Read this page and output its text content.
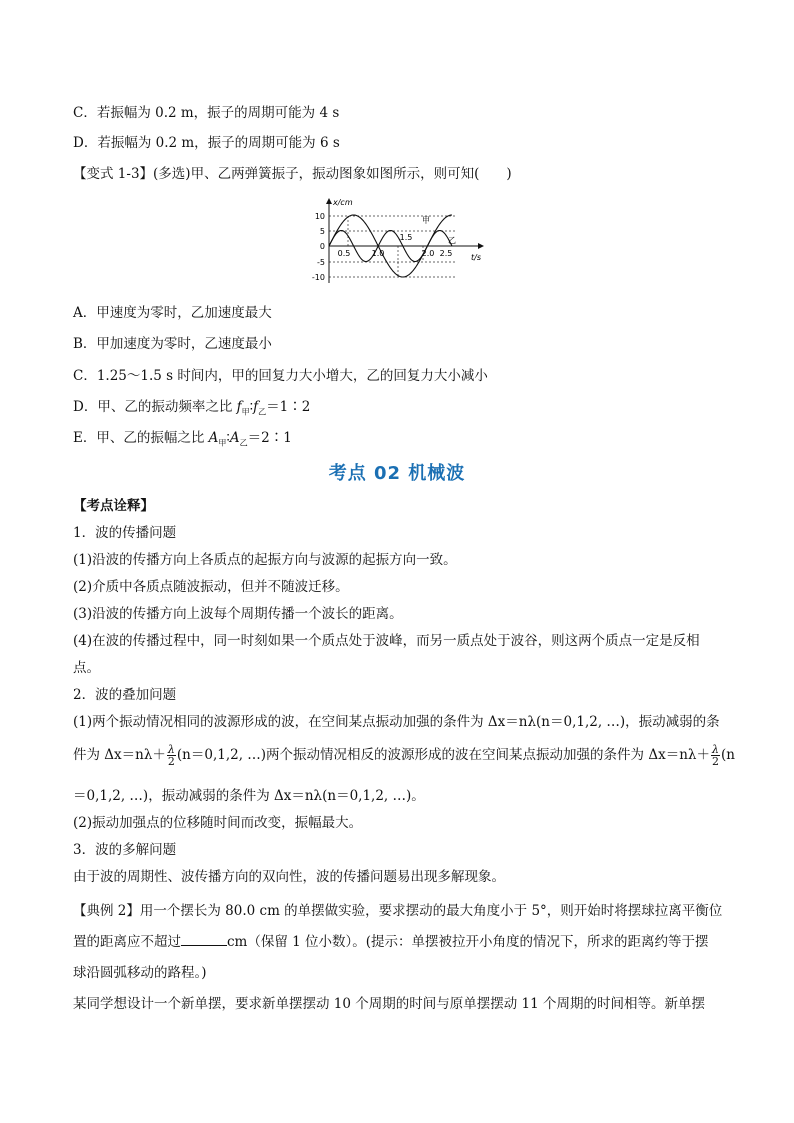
C．若振幅为 0.2 m，振子的周期可能为 4 s
D．若振幅为 0.2 m，振子的周期可能为 6 s
【变式 1-3】(多选)甲、乙两弹簧振子，振动图象如图所示，则可知(　　)
x/cm
t/s
10
5
0
-5
-10
0.5	1.0
1.5
2.0 2.5
甲
乙
A．甲速度为零时，乙加速度最大
B．甲加速度为零时，乙速度最小
C．1.25～1.5 s 时间内，甲的回复力大小增大，乙的回复力大小减小
D．甲、乙的振动频率之比 $f_甲∶f_乙=1∶2$
E．甲、乙的振幅之比 $A_甲∶A_乙=2∶1$
考点 02 机械波
【考点诠释】
1．波的传播问题
(1)沿波的传播方向上各质点的起振方向与波源的起振方向一致。
(2)介质中各质点随波振动，但并不随波迁移。
(3)沿波的传播方向上波每个周期传播一个波长的距离。
(4)在波的传播过程中，同一时刻如果一个质点处于波峰，而另一质点处于波谷，则这两个质点一定是反相
点。
2．波的叠加问题
(1)两个振动情况相同的波源形成的波，在空间某点振动加强的条件为 Δx＝nλ(n＝0,1,2, …)，振动减弱的条
件为 $\Delta x=n\lambda+ \frac{\lambda}{2} (n=0,1,2$, …)两个振动情况相反的波源形成的波在空间某点振动加强的条件为 $\Delta x=n\lambda+ \frac{\lambda}{2} (n$
＝0,1,2, …)，振动减弱的条件为 Δx＝nλ(n＝0,1,2, …)。
(2)振动加强点的位移随时间而改变，振幅最大。
3．波的多解问题
由于波的周期性、波传播方向的双向性，波的传播问题易出现多解现象。
【典例 2】用一个摆长为 80.0 cm 的单摆做实验，要求摆动的最大角度小于 5°，则开始时将摆球拉离平衡位
置的距离应不超过	cm（保留 1 位小数）。(提示：单摆被拉开小角度的情况下，所求的距离约等于摆
球沿圆弧移动的路程。)
某同学想设计一个新单摆，要求新单摆摆动 10 个周期的时间与原单摆摆动 11 个周期的时间相等。新单摆
